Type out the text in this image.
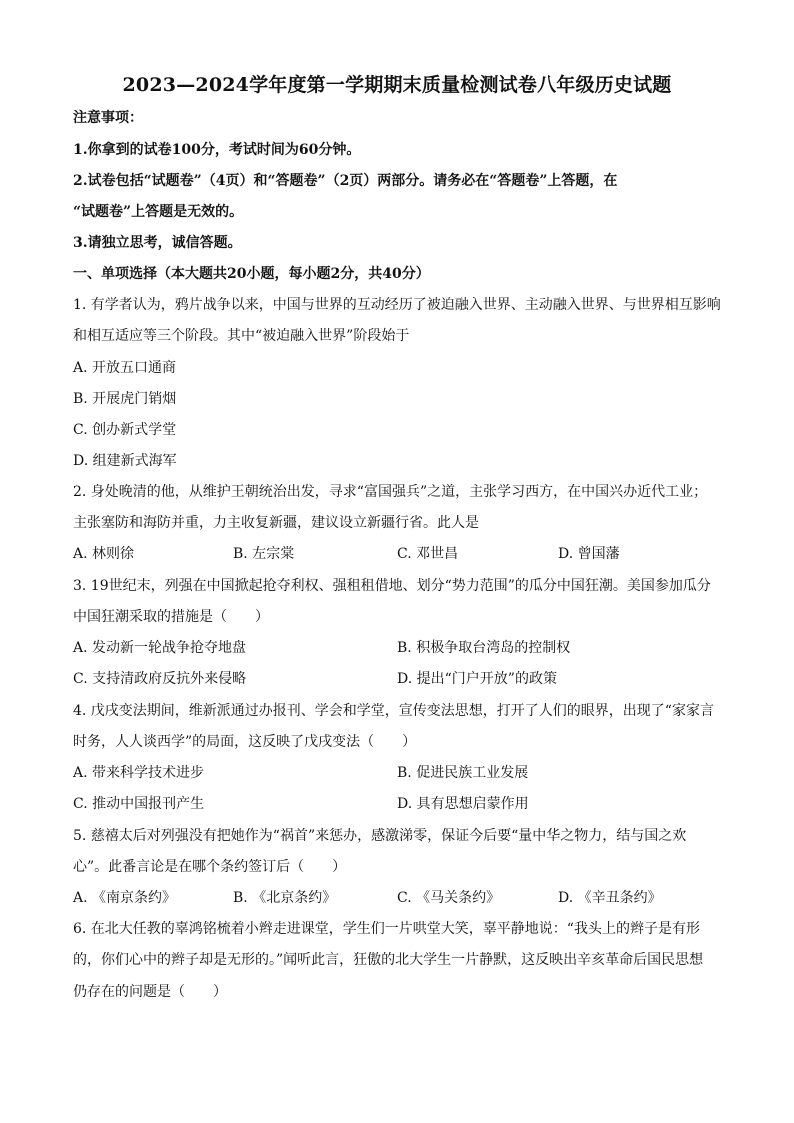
2023—2024学年度第一学期期末质量检测试卷八年级历史试题
注意事项：
1.你拿到的试卷100分，考试时间为60分钟。
2.试卷包括“试题卷”（4页）和“答题卷”（2页）两部分。请务必在“答题卷”上答题，在
“试题卷”上答题是无效的。
3.请独立思考，诚信答题。
一、单项选择（本大题共20小题，每小题2分，共40分）
1. 有学者认为，鸦片战争以来，中国与世界的互动经历了被迫融入世界、主动融入世界、与世界相互影响
和相互适应等三个阶段。其中“被迫融入世界”阶段始于
A. 开放五口通商
B. 开展虎门销烟
C. 创办新式学堂
D. 组建新式海军
2. 身处晚清的他，从维护王朝统治出发，寻求“富国强兵”之道，主张学习西方，在中国兴办近代工业；
主张塞防和海防并重，力主收复新疆，建议设立新疆行省。此人是
A. 林则徐	B. 左宗棠	C. 邓世昌	D. 曾国藩
3. 19世纪末，列强在中国掀起抢夺利权、强租租借地、划分“势力范围”的瓜分中国狂潮。美国参加瓜分
中国狂潮采取的措施是（　　）
A. 发动新一轮战争抢夺地盘	B. 积极争取台湾岛的控制权
C. 支持清政府反抗外来侵略	D. 提出“门户开放”的政策
4. 戊戌变法期间，维新派通过办报刊、学会和学堂，宣传变法思想，打开了人们的眼界，出现了“家家言
时务，人人谈西学”的局面，这反映了戊戌变法（　　）
A. 带来科学技术进步	B. 促进民族工业发展
C. 推动中国报刊产生	D. 具有思想启蒙作用
5. 慈禧太后对列强没有把她作为“祸首”来惩办，感激涕零，保证今后要“量中华之物力，结与国之欢
心”。此番言论是在哪个条约签订后（　　）
A. 《南京条约》	B. 《北京条约》	C. 《马关条约》	D. 《辛丑条约》
6. 在北大任教的辜鸿铭梳着小辫走进课堂，学生们一片哄堂大笑，辜平静地说：“我头上的辫子是有形
的，你们心中的辫子却是无形的。”闻听此言，狂傲的北大学生一片静默，这反映出辛亥革命后国民思想
仍存在的问题是（　　）
